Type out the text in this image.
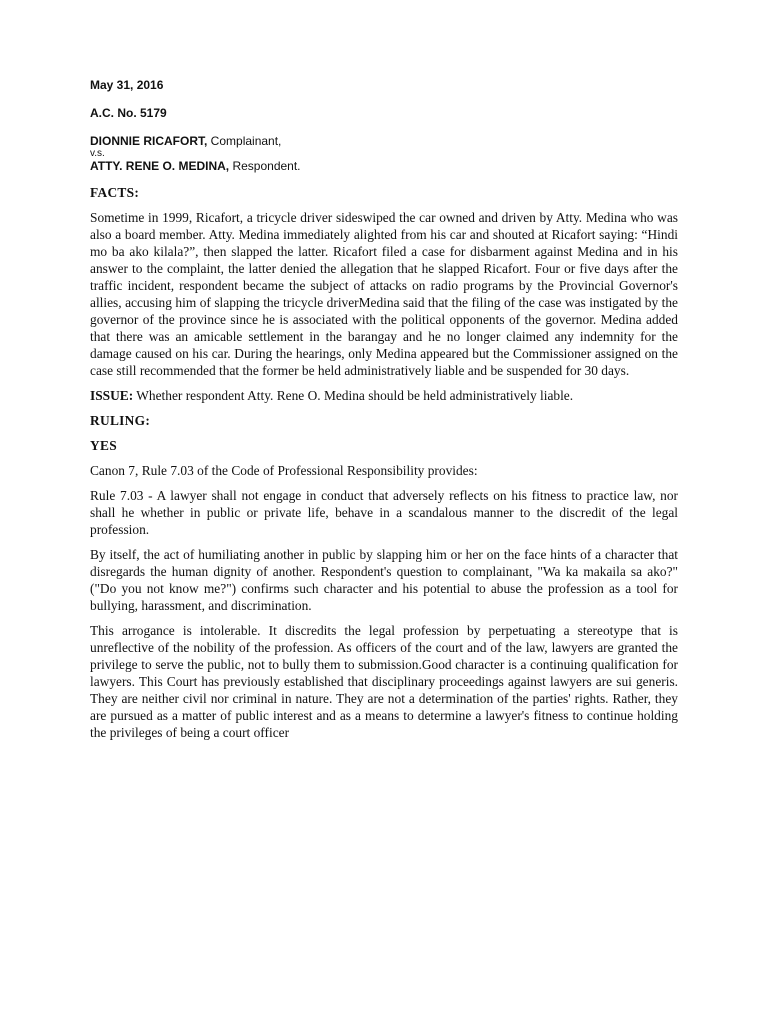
May 31, 2016

A.C. No. 5179

DIONNIE RICAFORT, Complainant,
v.s.
ATTY. RENE O. MEDINA, Respondent.

FACTS:

Sometime in 1999, Ricafort, a tricycle driver sideswiped the car owned and driven by Atty. Medina who was also a board member. Atty. Medina immediately alighted from his car and shouted at Ricafort saying: “Hindi mo ba ako kilala?”, then slapped the latter. Ricafort filed a case for disbarment against Medina and in his answer to the complaint, the latter denied the allegation that he slapped Ricafort. Four or five days after the traffic incident, respondent became the subject of attacks on radio programs by the Provincial Governor's allies, accusing him of slapping the tricycle driverMedina said that the filing of the case was instigated by the governor of the province since he is associated with the political opponents of the governor. Medina added that there was an amicable settlement in the barangay and he no longer claimed any indemnity for the damage caused on his car. During the hearings, only Medina appeared but the Commissioner assigned on the case still recommended that the former be held administratively liable and be suspended for 30 days.

ISSUE: Whether respondent Atty. Rene O. Medina should be held administratively liable.

RULING:

YES

Canon 7, Rule 7.03 of the Code of Professional Responsibility provides:

Rule 7.03 - A lawyer shall not engage in conduct that adversely reflects on his fitness to practice law, nor shall he whether in public or private life, behave in a scandalous manner to the discredit of the legal profession.

By itself, the act of humiliating another in public by slapping him or her on the face hints of a character that disregards the human dignity of another. Respondent's question to complainant, "Wa ka makaila sa ako?" ("Do you not know me?") confirms such character and his potential to abuse the profession as a tool for bullying, harassment, and discrimination.

This arrogance is intolerable. It discredits the legal profession by perpetuating a stereotype that is unreflective of the nobility of the profession. As officers of the court and of the law, lawyers are granted the privilege to serve the public, not to bully them to submission.Good character is a continuing qualification for lawyers. This Court has previously established that disciplinary proceedings against lawyers are sui generis. They are neither civil nor criminal in nature. They are not a determination of the parties' rights. Rather, they are pursued as a matter of public interest and as a means to determine a lawyer's fitness to continue holding the privileges of being a court officer
